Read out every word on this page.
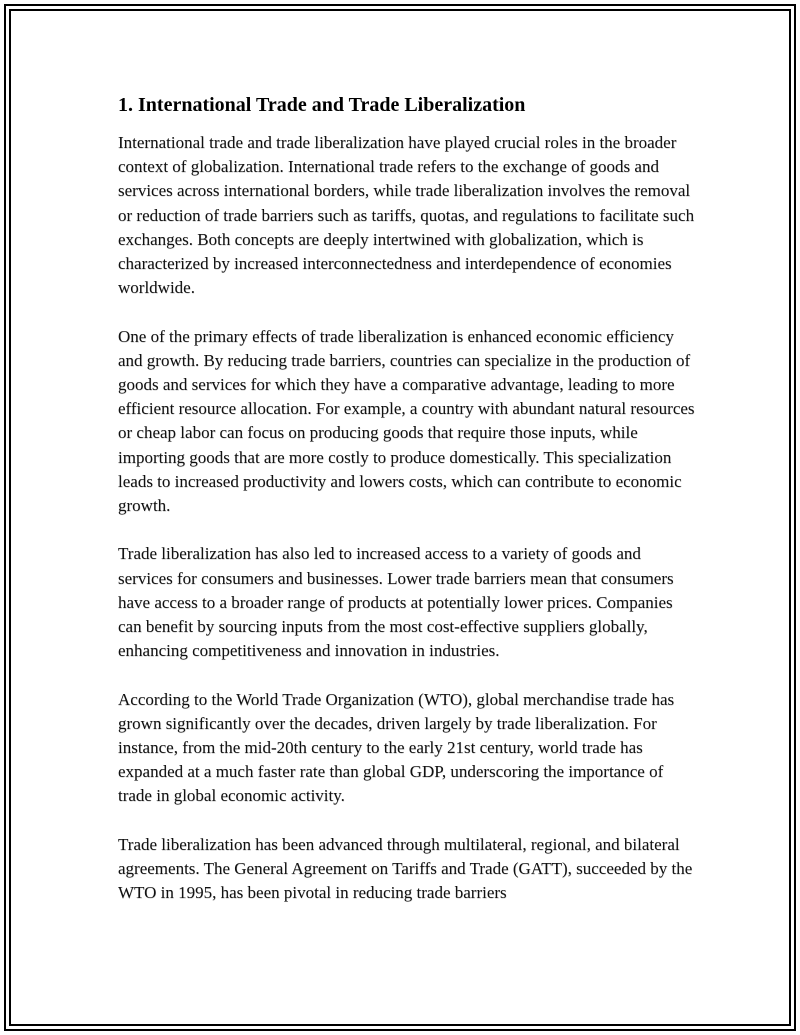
1. International Trade and Trade Liberalization

International trade and trade liberalization have played crucial roles in the broader context of globalization. International trade refers to the exchange of goods and services across international borders, while trade liberalization involves the removal or reduction of trade barriers such as tariffs, quotas, and regulations to facilitate such exchanges. Both concepts are deeply intertwined with globalization, which is characterized by increased interconnectedness and interdependence of economies worldwide.

One of the primary effects of trade liberalization is enhanced economic efficiency and growth. By reducing trade barriers, countries can specialize in the production of goods and services for which they have a comparative advantage, leading to more efficient resource allocation. For example, a country with abundant natural resources or cheap labor can focus on producing goods that require those inputs, while importing goods that are more costly to produce domestically. This specialization leads to increased productivity and lowers costs, which can contribute to economic growth.

Trade liberalization has also led to increased access to a variety of goods and services for consumers and businesses. Lower trade barriers mean that consumers have access to a broader range of products at potentially lower prices. Companies can benefit by sourcing inputs from the most cost-effective suppliers globally, enhancing competitiveness and innovation in industries.

According to the World Trade Organization (WTO), global merchandise trade has grown significantly over the decades, driven largely by trade liberalization. For instance, from the mid-20th century to the early 21st century, world trade has expanded at a much faster rate than global GDP, underscoring the importance of trade in global economic activity.

Trade liberalization has been advanced through multilateral, regional, and bilateral agreements. The General Agreement on Tariffs and Trade (GATT), succeeded by the WTO in 1995, has been pivotal in reducing trade barriers
